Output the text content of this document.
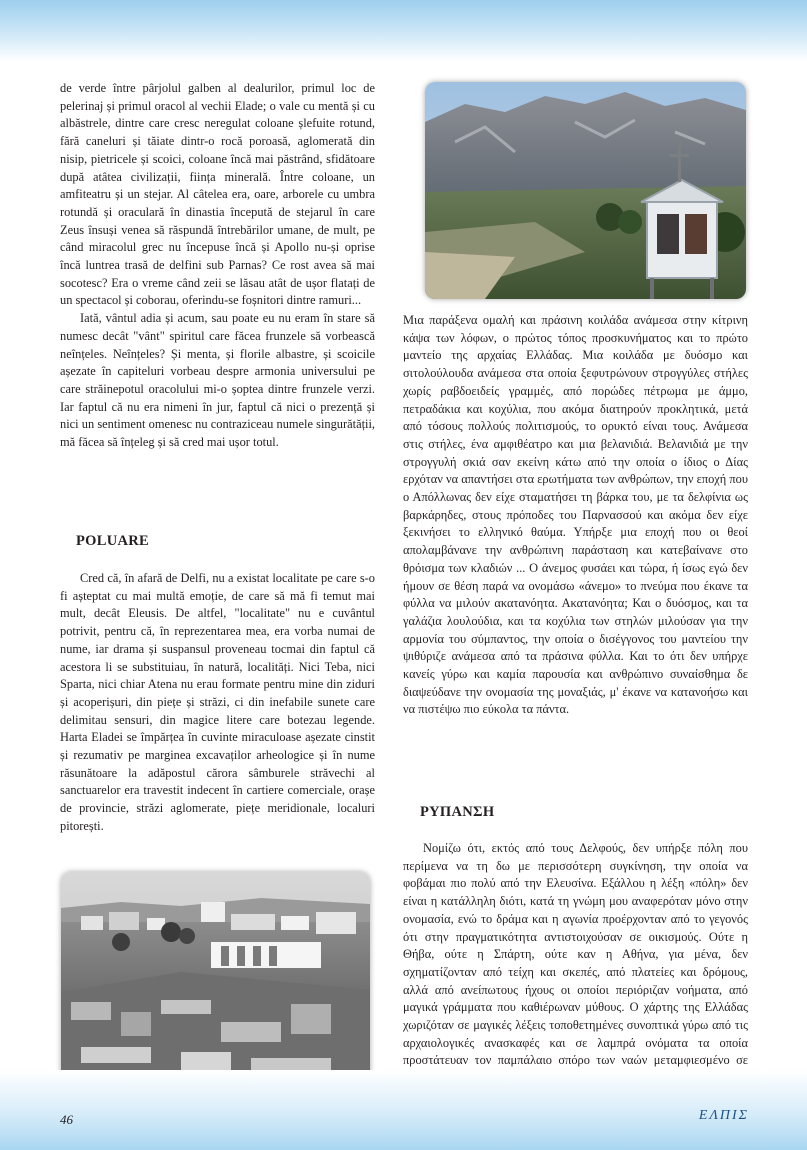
de verde între pârjolul galben al dealurilor, primul loc de pelerinaj și primul oracol al vechii Elade; o vale cu mentă și cu albăstrele, dintre care cresc neregulat coloane șlefuite rotund, fără caneluri și tăiate dintr-o rocă poroasă, aglomerată din nisip, pietricele și scoici, coloane încă mai păstrând, sfidătoare după atâtea civilizații, ființa minerală. Între coloane, un amfiteatru și un stejar. Al câtelea era, oare, arborele cu umbra rotundă și oraculară în dinastia începută de stejarul în care Zeus însuși venea să răspundă întrebărilor umane, de mult, pe când miracolul grec nu începuse încă și Apollo nu-și oprise încă luntrea trasă de delfini sub Parnas? Ce rost avea să mai socotesc? Era o vreme când zeii se lăsau atât de ușor flatați de un spectacol și coborau, oferindu-se foșnitori dintre ramuri...

Iată, vântul adia și acum, sau poate eu nu eram în stare să numesc decât "vânt" spiritul care făcea frunzele să vorbească neînțeles. Neînțeles? Și menta, și florile albastre, și scoicile așezate în capiteluri vorbeau despre armonia universului pe care străinepotul oracolului mi-o șoptea dintre frunzele verzi. Iar faptul că nu era nimeni în jur, faptul că nici o prezență și nici un sentiment omenesc nu contraziceau numele singurătății, mă făcea să înțeleg și să cred mai ușor totul.

POLUARE

Cred că, în afară de Delfi, nu a existat localitate pe care s-o fi așteptat cu mai multă emoție, de care să mă fi temut mai mult, decât Eleusis. De altfel, "localitate" nu e cuvântul potrivit, pentru că, în reprezentarea mea, era vorba numai de nume, iar drama și suspansul proveneau tocmai din faptul că acestora li se substituiau, în natură, localități. Nici Teba, nici Sparta, nici chiar Atena nu erau formate pentru mine din ziduri și acoperișuri, din piețe și străzi, ci din inefabile sunete care delimitau sensuri, din magice litere care botezau legende. Harta Eladei se împărțea în cuvinte miraculoase așezate cinstit și rezumativ pe marginea excavaților arheologice și în nume răsunătoare la adăpostul cărora sâmburele străvechi al sanctuarelor era travestit indecent în cartiere comerciale, orașe de provincie, străzi aglomerate, piețe meridionale, localuri pitorești.

Μια παράξενα ομαλή και πράσινη κοιλάδα ανάμεσα στην κίτρινη κάψα των λόφων, ο πρώτος τόπος προσκυνήματος και το πρώτο μαντείο της αρχαίας Ελλάδας. Μια κοιλάδα με δυόσμο και σιτολούλουδα ανάμεσα στα οποία ξεφυτρώνουν στρογγύλες στήλες χωρίς ραβδοειδείς γραμμές, από πορώδες πέτρωμα με άμμο, πετραδάκια και κοχύλια, που ακόμα διατηρούν προκλητικά, μετά από τόσους πολλούς πολιτισμούς, το ορυκτό είναι τους. Ανάμεσα στις στήλες, ένα αμφιθέατρο και μια βελανιδιά. Βελανιδιά με την στρογγυλή σκιά σαν εκείνη κάτω από την οποία ο ίδιος ο Δίας ερχόταν να απαντήσει στα ερωτήματα των ανθρώπων, την εποχή που ο Απόλλωνας δεν είχε σταματήσει τη βάρκα του, με τα δελφίνια ως βαρκάρηδες, στους πρόποδες του Παρνασσού και ακόμα δεν είχε ξεκινήσει το ελληνικό θαύμα. Υπήρξε μια εποχή που οι θεοί απολαμβάνανε την ανθρώπινη παράσταση και κατεβαίνανε στο θρόισμα των κλαδιών ... Ο άνεμος φυσάει και τώρα, ή ίσως εγώ δεν ήμουν σε θέση παρά να ονομάσω «άνεμο» το πνεύμα που έκανε τα φύλλα να μιλούν ακατανόητα. Ακατανόητα; Και ο δυόσμος, και τα γαλάζια λουλούδια, και τα κοχύλια των στηλών μιλούσαν για την αρμονία του σύμπαντος, την οποία ο δισέγγονος του μαντείου την ψιθύριζε ανάμεσα από τα πράσινα φύλλα. Και το ότι δεν υπήρχε κανείς γύρω και καμία παρουσία και ανθρώπινο συναίσθημα δε διαψεύδανε την ονομασία της μοναξιάς, μ' έκανε να κατανοήσω και να πιστέψω πιο εύκολα τα πάντα.

ΡΥΠΑΝΣΗ

Νομίζω ότι, εκτός από τους Δελφούς, δεν υπήρξε πόλη που περίμενα να τη δω με περισσότερη συγκίνηση, την οποία να φοβάμαι πιο πολύ από την Ελευσίνα. Εξάλλου η λέξη «πόλη» δεν είναι η κατάλληλη διότι, κατά τη γνώμη μου αναφερόταν μόνο στην ονομασία, ενώ το δράμα και η αγωνία προέρχονταν από το γεγονός ότι στην πραγματικότητα αντιστοιχούσαν σε οικισμούς. Ούτε η Θήβα, ούτε η Σπάρτη, ούτε καν η Αθήνα, για μένα, δεν σχηματίζονταν από τείχη και σκεπές, από πλατείες και δρόμους, αλλά από ανείπωτους ήχους οι οποίοι περιόριζαν νοήματα, από μαγικά γράμματα που καθιέρωναν μύθους. Ο χάρτης της Ελλάδας χωριζόταν σε μαγικές λέξεις τοποθετημένες συνοπτικά γύρω από τις αρχαιολογικές ανασκαφές και σε λαμπρά ονόματα τα οποία προστάτευαν τον παμπάλαιο σπόρο των ναών μεταμφιεσμένο σε

46	ΕΛΠΙΣ
